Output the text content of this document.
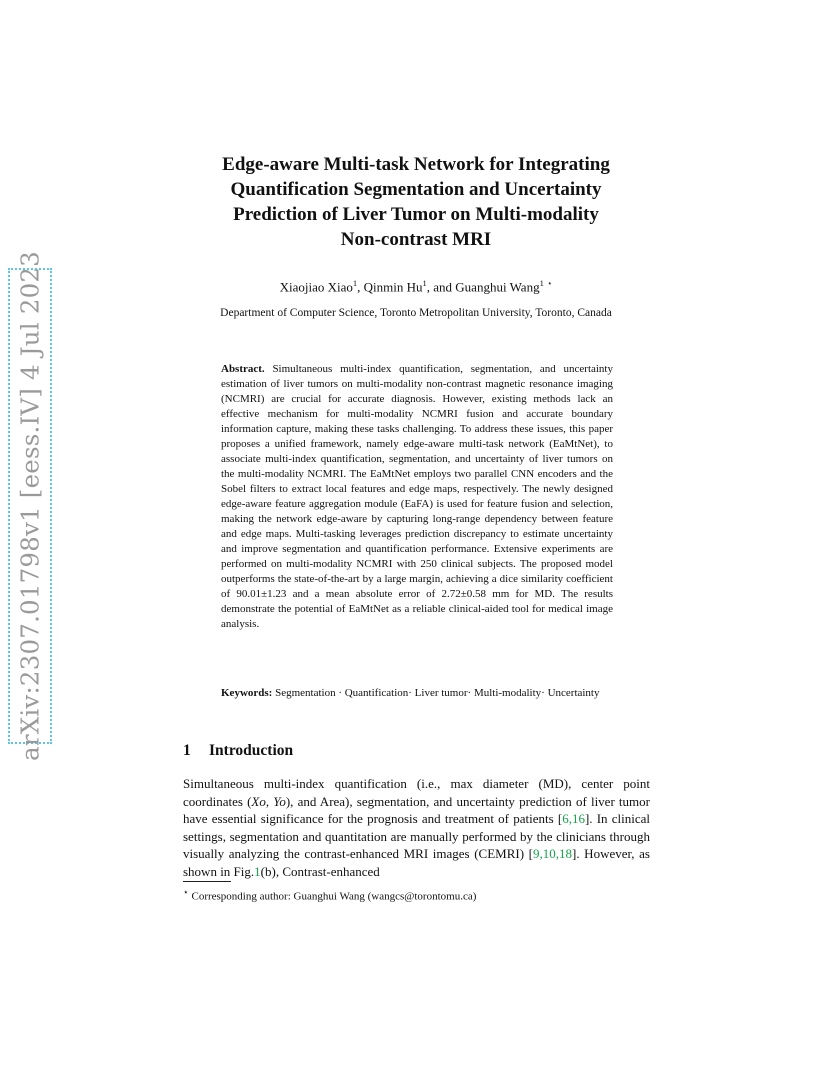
arXiv:2307.01798v1 [eess.IV] 4 Jul 2023
Edge-aware Multi-task Network for Integrating
Quantification Segmentation and Uncertainty
Prediction of Liver Tumor on Multi-modality
Non-contrast MRI
Xiaojiao Xiao$^1$, Qinmin Hu$^1$, and Guanghui Wang$^1$ ⋆
Department of Computer Science, Toronto Metropolitan University, Toronto, Canada
Abstract. Simultaneous multi-index quantification, segmentation, and uncertainty estimation of liver tumors on multi-modality non-contrast magnetic resonance imaging (NCMRI) are crucial for accurate diagnosis. However, existing methods lack an effective mechanism for multi-modality NCMRI fusion and accurate boundary information capture, making these tasks challenging. To address these issues, this paper proposes a unified framework, namely edge-aware multi-task network (EaMtNet), to associate multi-index quantification, segmentation, and uncertainty of liver tumors on the multi-modality NCMRI. The EaMtNet employs two parallel CNN encoders and the Sobel filters to extract local features and edge maps, respectively. The newly designed edge-aware feature aggregation module (EaFA) is used for feature fusion and selection, making the network edge-aware by capturing long-range dependency between feature and edge maps. Multi-tasking leverages prediction discrepancy to estimate uncertainty and improve segmentation and quantification performance. Extensive experiments are performed on multi-modality NCMRI with 250 clinical subjects. The proposed model outperforms the state-of-the-art by a large margin, achieving a dice similarity coefficient of 90.01±1.23 and a mean absolute error of 2.72±0.58 mm for MD. The results demonstrate the potential of EaMtNet as a reliable clinical-aided tool for medical image analysis.
Keywords: Segmentation · Quantification· Liver tumor· Multi-modality· Uncertainty
1 Introduction
Simultaneous multi-index quantification (i.e., max diameter (MD), center point coordinates (Xo, Yo), and Area), segmentation, and uncertainty prediction of liver tumor have essential significance for the prognosis and treatment of patients [6,16]. In clinical settings, segmentation and quantitation are manually performed by the clinicians through visually analyzing the contrast-enhanced MRI images (CEMRI) [9,10,18]. However, as shown in Fig.1(b), Contrast-enhanced
⋆ Corresponding author: Guanghui Wang (wangcs@torontomu.ca)
